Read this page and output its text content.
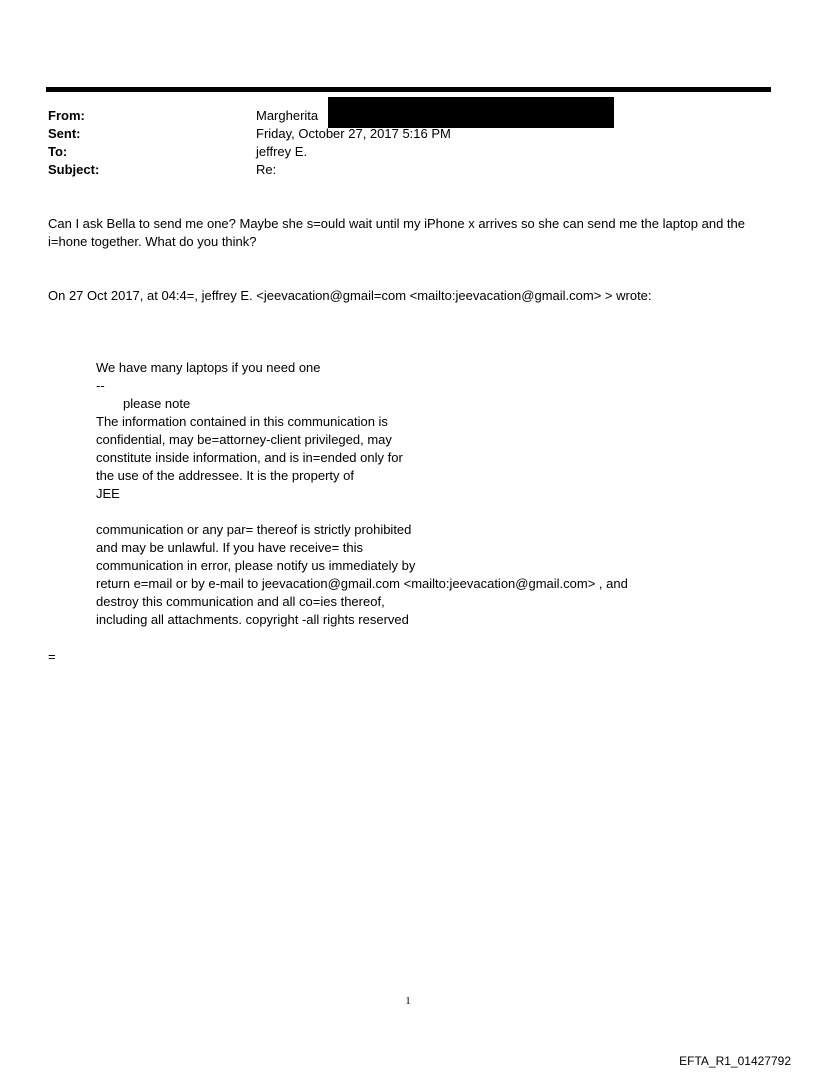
From:	Margherita
Sent:	Friday, October 27, 2017 5:16 PM
To:	jeffrey E.
Subject:	Re:
Can I ask Bella to send me one? Maybe she s=ould wait until my iPhone x arrives so she can send me the laptop and the i=hone together. What do you think?
On 27 Oct 2017, at 04:4=, jeffrey E. <jeevacation@gmail=com <mailto:jeevacation@gmail.com> > wrote:
We have many laptops if you need one
--
please note
The information contained in this communication is
confidential, may be=attorney-client privileged, may
constitute inside information, and is in=ended only for
the use of the addressee. It is the property of
JEE
communication or any par= thereof is strictly prohibited
and may be unlawful. If you have receive= this
communication in error, please notify us immediately by
return e=mail or by e-mail to jeevacation@gmail.com <mailto:jeevacation@gmail.com> , and
destroy this communication and all co=ies thereof,
including all attachments. copyright -all rights reserved
=
1
EFTA_R1_01427792
